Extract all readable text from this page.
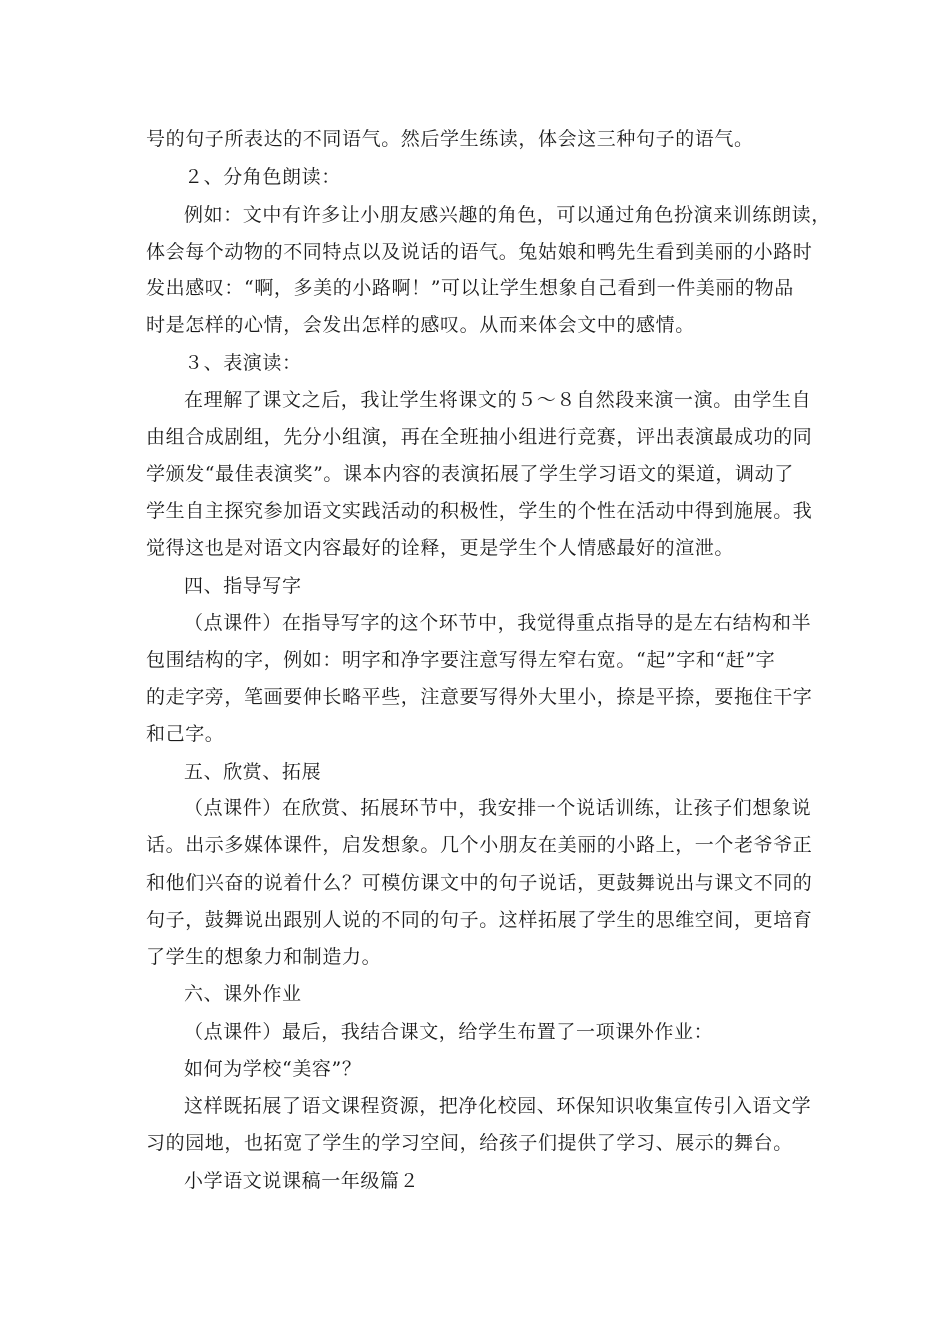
号的句子所表达的不同语气。然后学生练读，体会这三种句子的语气。
２、分角色朗读：
例如：文中有许多让小朋友感兴趣的角色，可以通过角色扮演来训练朗读，
体会每个动物的不同特点以及说话的语气。兔姑娘和鸭先生看到美丽的小路时
发出感叹：“啊，多美的小路啊！”可以让学生想象自己看到一件美丽的物品
时是怎样的心情，会发出怎样的感叹。从而来体会文中的感情。
３、表演读：
在理解了课文之后，我让学生将课文的５～８自然段来演一演。由学生自
由组合成剧组，先分小组演，再在全班抽小组进行竞赛，评出表演最成功的同
学颁发“最佳表演奖”。课本内容的表演拓展了学生学习语文的渠道，调动了
学生自主探究参加语文实践活动的积极性，学生的个性在活动中得到施展。我
觉得这也是对语文内容最好的诠释，更是学生个人情感最好的渲泄。
四、指导写字
（点课件）在指导写字的这个环节中，我觉得重点指导的是左右结构和半
包围结构的字，例如：明字和净字要注意写得左窄右宽。“起”字和“赶”字
的走字旁，笔画要伸长略平些，注意要写得外大里小，捺是平捺，要拖住干字
和己字。
五、欣赏、拓展
（点课件）在欣赏、拓展环节中，我安排一个说话训练，让孩子们想象说
话。出示多媒体课件，启发想象。几个小朋友在美丽的小路上，一个老爷爷正
和他们兴奋的说着什么？可模仿课文中的句子说话，更鼓舞说出与课文不同的
句子，鼓舞说出跟别人说的不同的句子。这样拓展了学生的思维空间，更培育
了学生的想象力和制造力。
六、课外作业
（点课件）最后，我结合课文，给学生布置了一项课外作业：
如何为学校“美容”？
这样既拓展了语文课程资源，把净化校园、环保知识收集宣传引入语文学
习的园地，也拓宽了学生的学习空间，给孩子们提供了学习、展示的舞台。
小学语文说课稿一年级篇２
